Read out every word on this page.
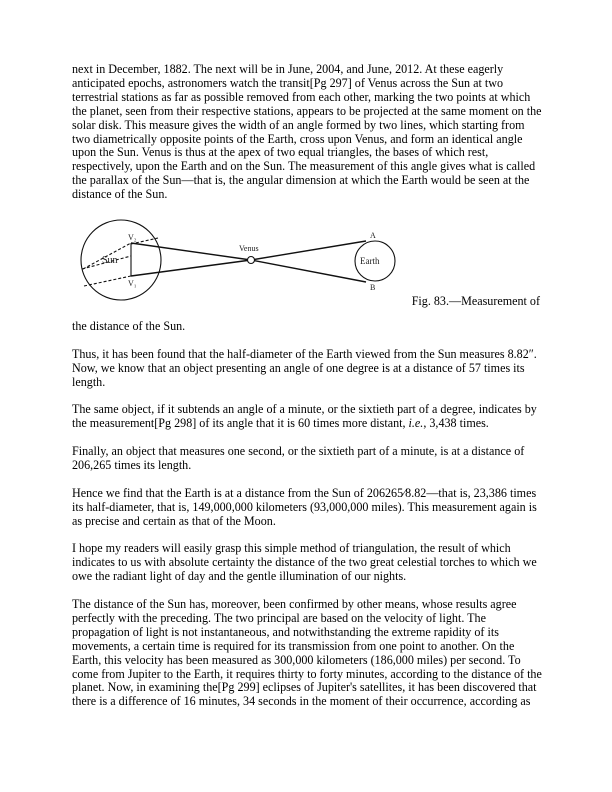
next in December, 1882. The next will be in June, 2004, and June, 2012. At these eagerly anticipated epochs, astronomers watch the transit[Pg 297] of Venus across the Sun at two terrestrial stations as far as possible removed from each other, marking the two points at which the planet, seen from their respective stations, appears to be projected at the same moment on the solar disk. This measure gives the width of an angle formed by two lines, which starting from two diametrically opposite points of the Earth, cross upon Venus, and form an identical angle upon the Sun. Venus is thus at the apex of two equal triangles, the bases of which rest, respectively, upon the Earth and on the Sun. The measurement of this angle gives what is called the parallax of the Sun—that is, the angular dimension at which the Earth would be seen at the distance of the Sun.

Sun
V₂
V₁
Venus
Earth
A
B
Fig. 83.—Measurement of

the distance of the Sun.

Thus, it has been found that the half-diameter of the Earth viewed from the Sun measures 8.82″. Now, we know that an object presenting an angle of one degree is at a distance of 57 times its length.

The same object, if it subtends an angle of a minute, or the sixtieth part of a degree, indicates by the measurement[Pg 298] of its angle that it is 60 times more distant, i.e., 3,438 times.

Finally, an object that measures one second, or the sixtieth part of a minute, is at a distance of 206,265 times its length.

Hence we find that the Earth is at a distance from the Sun of 206265⁄8.82—that is, 23,386 times its half-diameter, that is, 149,000,000 kilometers (93,000,000 miles). This measurement again is as precise and certain as that of the Moon.

I hope my readers will easily grasp this simple method of triangulation, the result of which indicates to us with absolute certainty the distance of the two great celestial torches to which we owe the radiant light of day and the gentle illumination of our nights.

The distance of the Sun has, moreover, been confirmed by other means, whose results agree perfectly with the preceding. The two principal are based on the velocity of light. The propagation of light is not instantaneous, and notwithstanding the extreme rapidity of its movements, a certain time is required for its transmission from one point to another. On the Earth, this velocity has been measured as 300,000 kilometers (186,000 miles) per second. To come from Jupiter to the Earth, it requires thirty to forty minutes, according to the distance of the planet. Now, in examining the[Pg 299] eclipses of Jupiter's satellites, it has been discovered that there is a difference of 16 minutes, 34 seconds in the moment of their occurrence, according as
